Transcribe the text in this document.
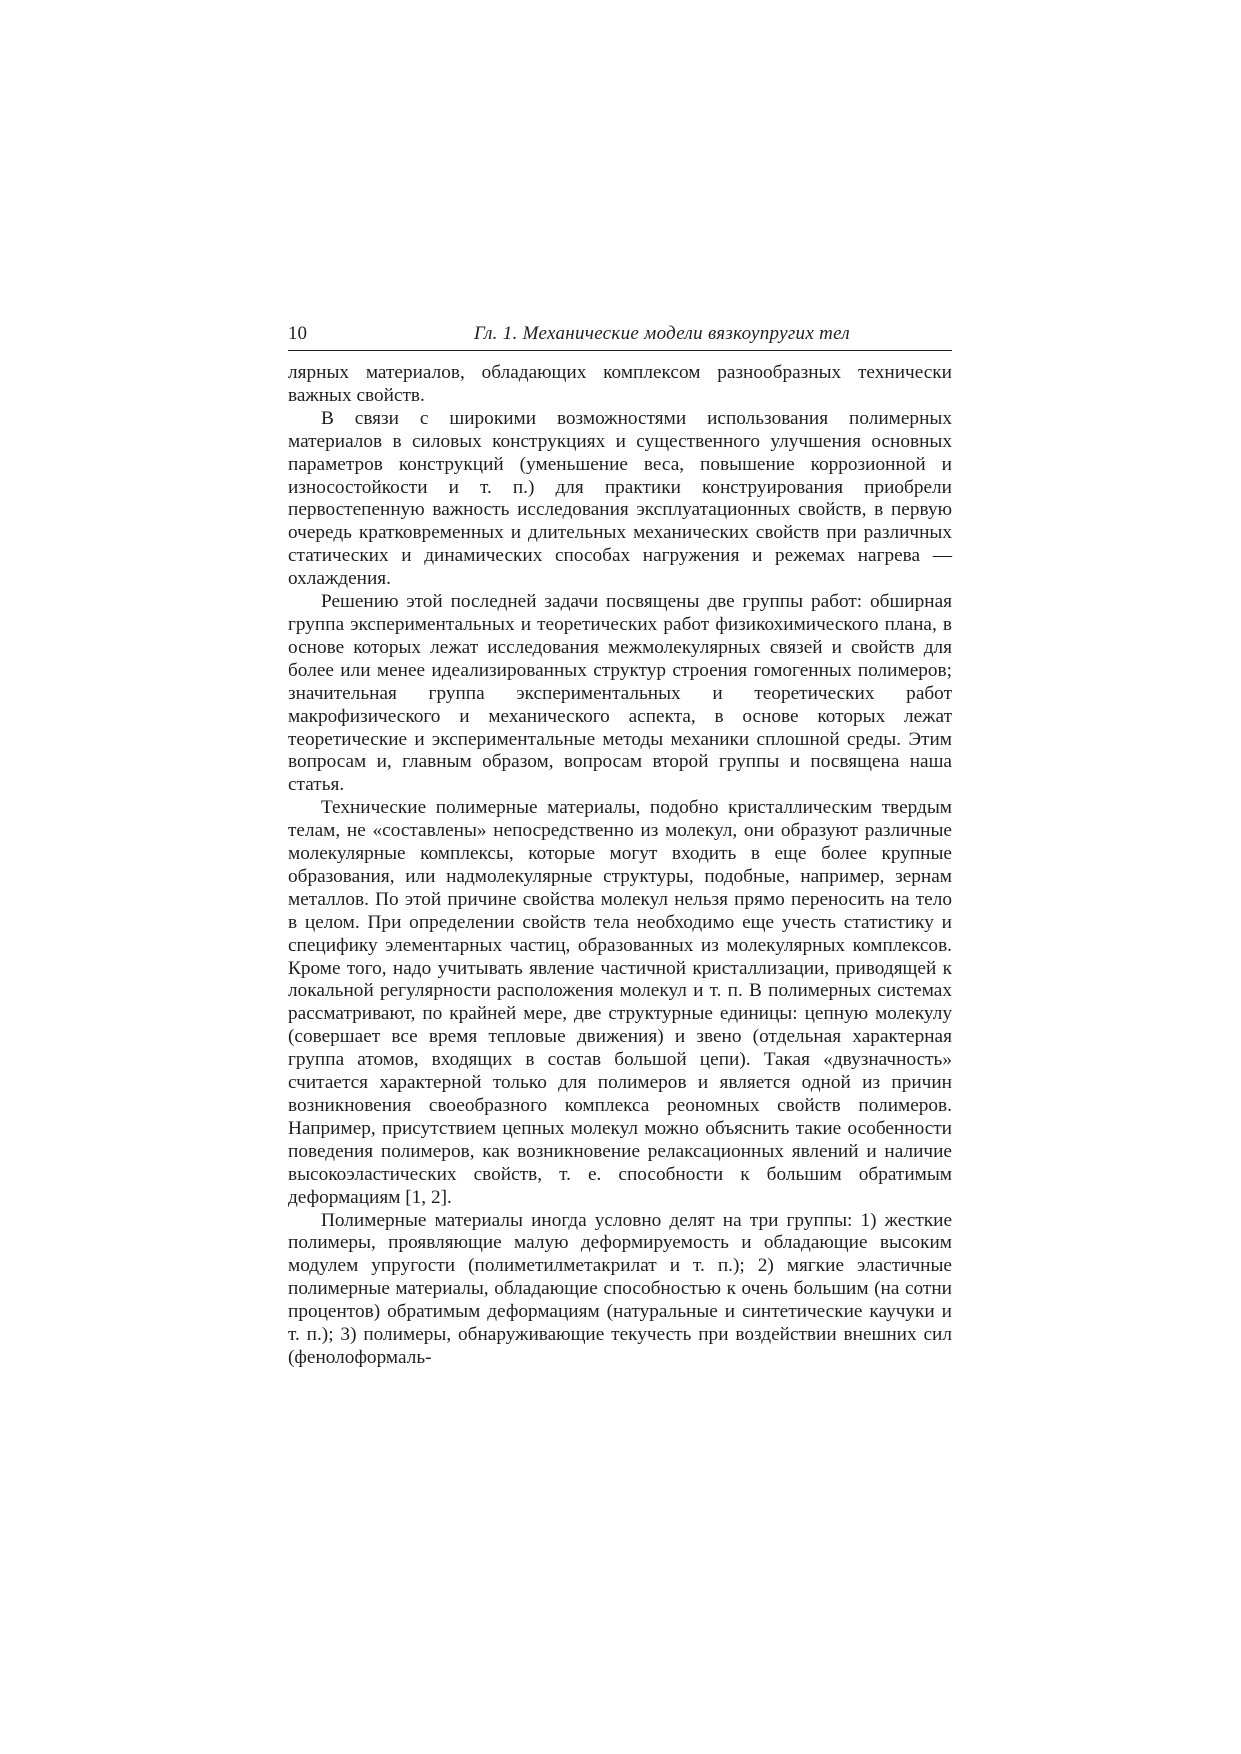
10	Гл. 1. Механические модели вязкоупругих тел

лярных материалов, обладающих комплексом разнообразных технически важных свойств.

В связи с широкими возможностями использования полимерных материалов в силовых конструкциях и существенного улучшения основных параметров конструкций (уменьшение веса, повышение коррозионной и износостойкости и т. п.) для практики конструирования приобрели первостепенную важность исследования эксплуатационных свойств, в первую очередь кратковременных и длительных механических свойств при различных статических и динамических способах нагружения и режемах нагрева — охлаждения.

Решению этой последней задачи посвящены две группы работ: обширная группа экспериментальных и теоретических работ физикохимического плана, в основе которых лежат исследования межмолекулярных связей и свойств для более или менее идеализированных структур строения гомогенных полимеров; значительная группа экспериментальных и теоретических работ макрофизического и механического аспекта, в основе которых лежат теоретические и экспериментальные методы механики сплошной среды. Этим вопросам и, главным образом, вопросам второй группы и посвящена наша статья.

Технические полимерные материалы, подобно кристаллическим твердым телам, не «составлены» непосредственно из молекул, они образуют различные молекулярные комплексы, которые могут входить в еще более крупные образования, или надмолекулярные структуры, подобные, например, зернам металлов. По этой причине свойства молекул нельзя прямо переносить на тело в целом. При определении свойств тела необходимо еще учесть статистику и специфику элементарных частиц, образованных из молекулярных комплексов. Кроме того, надо учитывать явление частичной кристаллизации, приводящей к локальной регулярности расположения молекул и т. п. В полимерных системах рассматривают, по крайней мере, две структурные единицы: цепную молекулу (совершает все время тепловые движения) и звено (отдельная характерная группа атомов, входящих в состав большой цепи). Такая «двузначность» считается характерной только для полимеров и является одной из причин возникновения своеобразного комплекса реономных свойств полимеров. Например, присутствием цепных молекул можно объяснить такие особенности поведения полимеров, как возникновение релаксационных явлений и наличие высокоэластических свойств, т. е. способности к большим обратимым деформациям [1, 2].

Полимерные материалы иногда условно делят на три группы: 1) жесткие полимеры, проявляющие малую деформируемость и обладающие высоким модулем упругости (полиметилметакрилат и т. п.); 2) мягкие эластичные полимерные материалы, обладающие способностью к очень большим (на сотни процентов) обратимым деформациям (натуральные и синтетические каучуки и т. п.); 3) полимеры, обнаруживающие текучесть при воздействии внешних сил (фенолоформаль-
